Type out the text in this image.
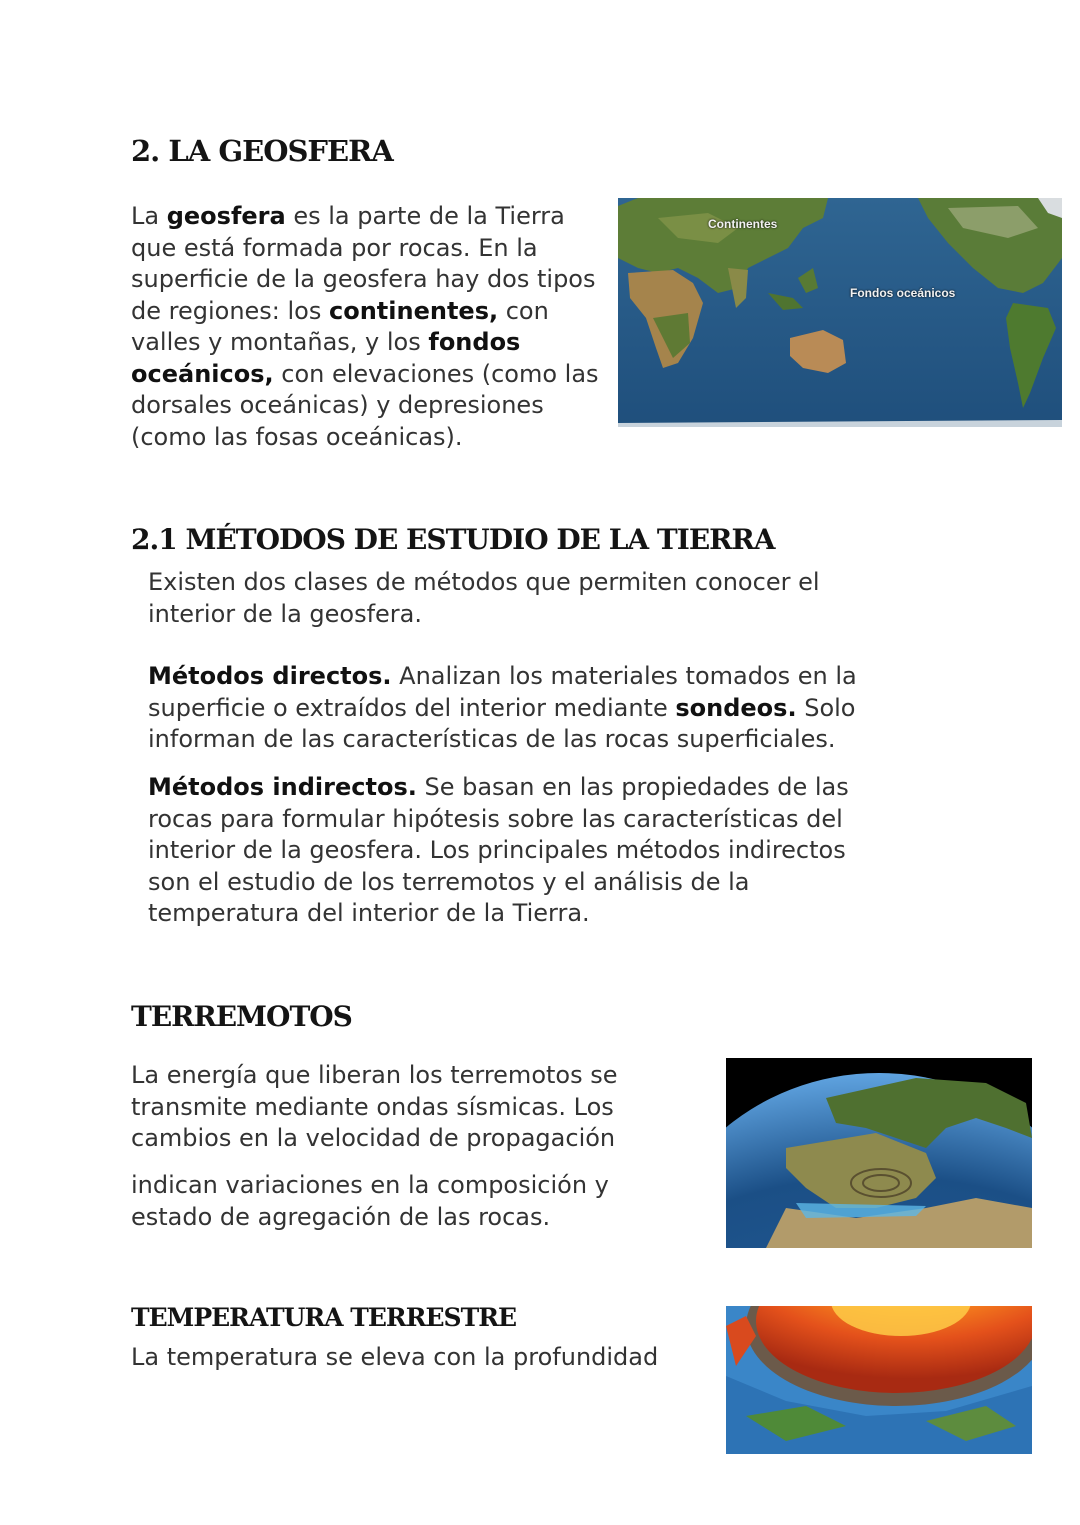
2. LA GEOSFERA

La geosfera es la parte de la Tierra que está formada por rocas. En la superficie de la geosfera hay dos tipos de regiones: los continentes, con valles y montañas, y los fondos oceánicos, con elevaciones (como las dorsales oceánicas) y depresiones (como las fosas oceánicas).

Continentes
Fondos oceánicos
2.1 MÉTODOS DE ESTUDIO DE LA TIERRA

Existen dos clases de métodos que permiten conocer el interior de la geosfera.

Métodos directos. Analizan los materiales tomados en la superficie o extraídos del interior mediante sondeos. Solo informan de las características de las rocas superficiales.

Métodos indirectos. Se basan en las propiedades de las rocas para formular hipótesis sobre las características del interior de la geosfera. Los principales métodos indirectos son el estudio de los terremotos y el análisis de la temperatura del interior de la Tierra.

TERREMOTOS

La energía que liberan los terremotos se transmite mediante ondas sísmicas. Los cambios en la velocidad de propagación

indican variaciones en la composición y estado de agregación de las rocas.

TEMPERATURA TERRESTRE

La temperatura se eleva con la profundidad
